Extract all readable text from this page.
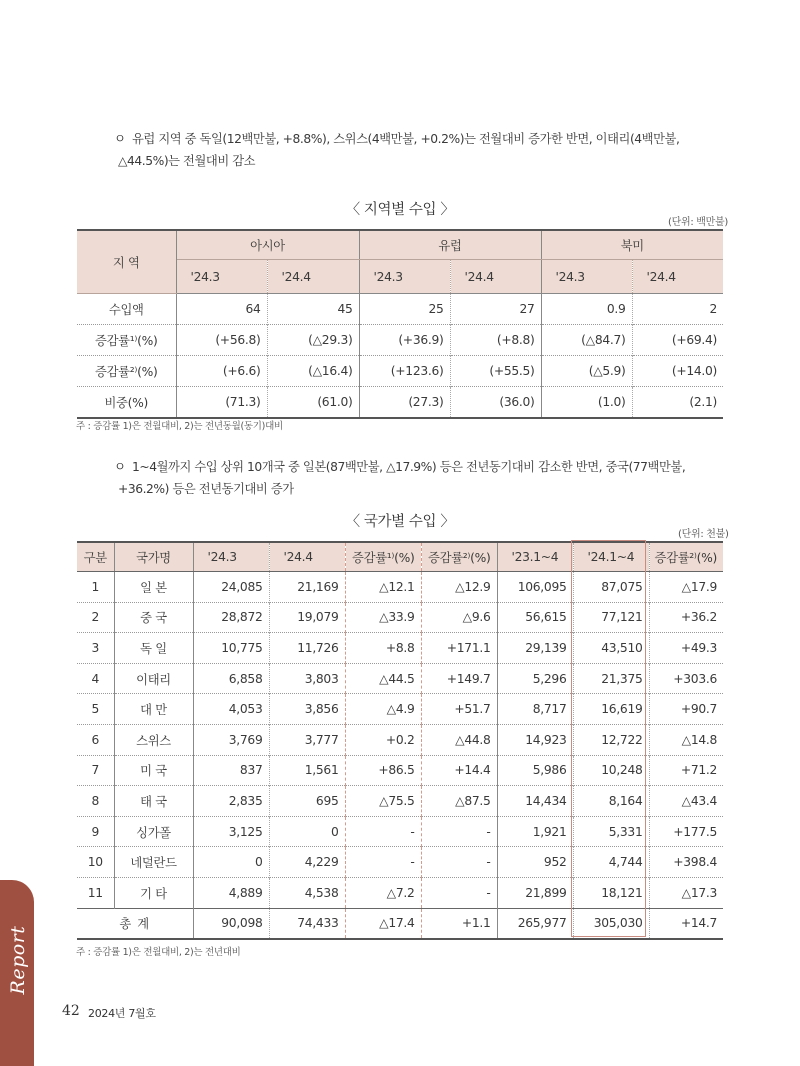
ㅇ 유럽 지역 중 독일(12백만불, +8.8%), 스위스(4백만불, +0.2%)는 전월대비 증가한 반면, 이태리(4백만불, △44.5%)는 전월대비 감소
〈 지역별 수입 〉
(단위: 백만불)
지 역	아시아		유럽		북미	
	'24.3	'24.4	'24.3	'24.4	'24.3	'24.4
수입액	64	45	25	27	0.9	2
증감률¹⁾(%)	(+56.8)	(△29.3)	(+36.9)	(+8.8)	(△84.7)	(+69.4)
증감률²⁾(%)	(+6.6)	(△16.4)	(+123.6)	(+55.5)	(△5.9)	(+14.0)
비중(%)	(71.3)	(61.0)	(27.3)	(36.0)	(1.0)	(2.1)
주 : 증감률 1)은 전월대비, 2)는 전년동월(동기)대비
ㅇ 1~4월까지 수입 상위 10개국 중 일본(87백만불, △17.9%) 등은 전년동기대비 감소한 반면, 중국(77백만불, +36.2%) 등은 전년동기대비 증가
〈 국가별 수입 〉
(단위: 천불)
구분	국가명	'24.3	'24.4	증감률¹⁾(%)	증감률²⁾(%)	'23.1~4	'24.1~4	증감률²⁾(%)
1	일 본	24,085	21,169	△12.1	△12.9	106,095	87,075	△17.9
2	중 국	28,872	19,079	△33.9	△9.6	56,615	77,121	+36.2
3	독 일	10,775	11,726	+8.8	+171.1	29,139	43,510	+49.3
4	이태리	6,858	3,803	△44.5	+149.7	5,296	21,375	+303.6
5	대 만	4,053	3,856	△4.9	+51.7	8,717	16,619	+90.7
6	스위스	3,769	3,777	+0.2	△44.8	14,923	12,722	△14.8
7	미 국	837	1,561	+86.5	+14.4	5,986	10,248	+71.2
8	태 국	2,835	695	△75.5	△87.5	14,434	8,164	△43.4
9	싱가폴	3,125	0	-	-	1,921	5,331	+177.5
10	네덜란드	0	4,229	-	-	952	4,744	+398.4
11	기 타	4,889	4,538	△7.2	-	21,899	18,121	△17.3
총 계		90,098	74,433	△17.4	+1.1	265,977	305,030	+14.7
주 : 증감률 1)은 전월대비, 2)는 전년대비
Report
42 2024년 7월호
